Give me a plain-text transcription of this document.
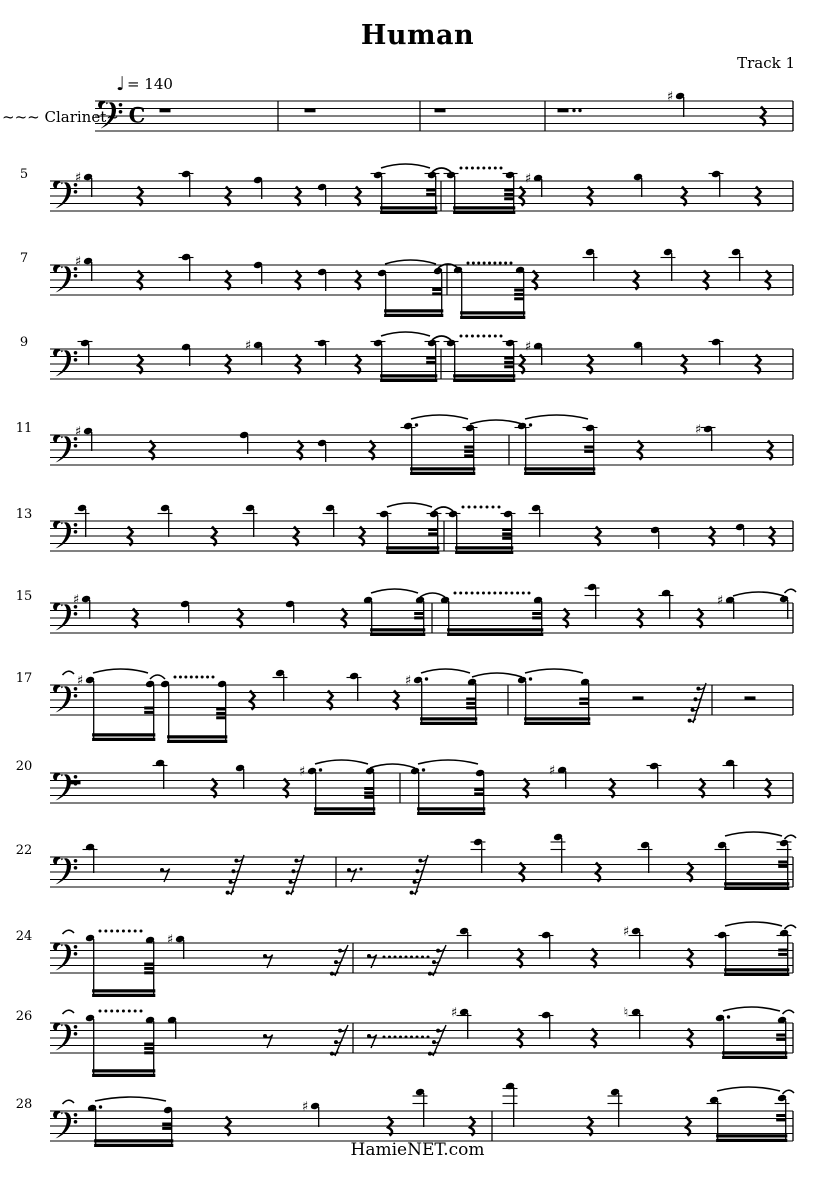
Human
Track 1
♩ = 140
~~~ Clarinet~ C
♯
5	♯	♯
7	♯
9	♯	♯
11	♯	♯
13
15	♯	♯
17	♯	♯
20	♯	♯
22
24	♯
♯
26	♯	♮
28	♯
HamieNET.com
